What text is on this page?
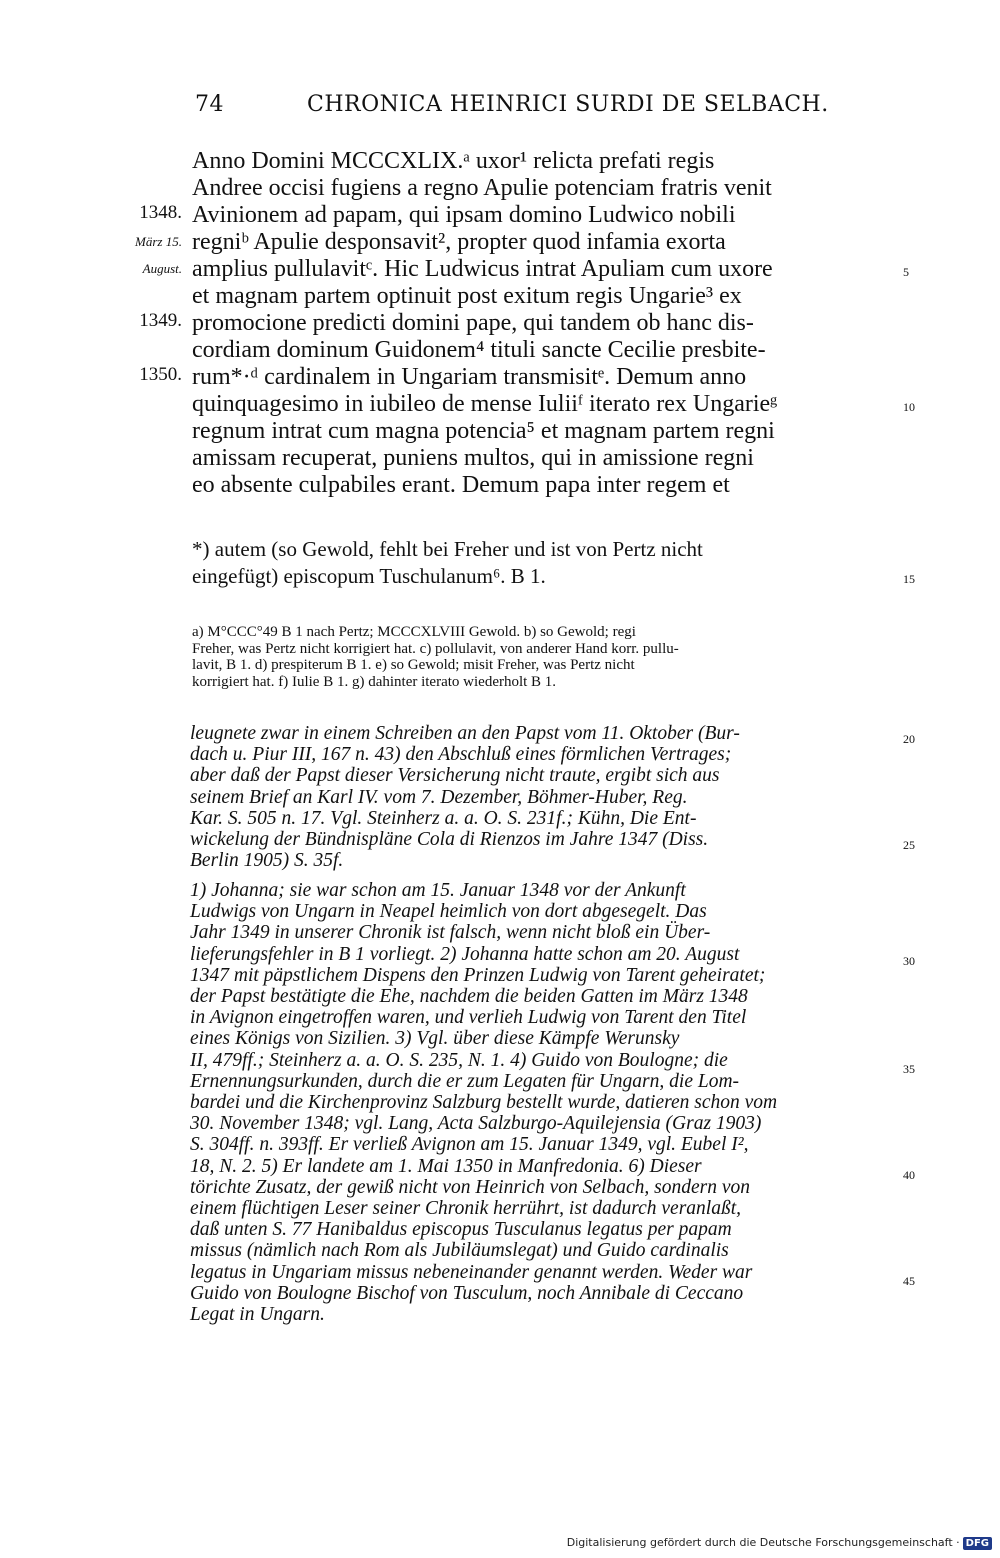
74	CHRONICA HEINRICI SURDI DE SELBACH.
Anno Domini MCCCXLIX.ᵃ uxor¹ relicta prefati regis
Andree occisi fugiens a regno Apulie potenciam fratris venit
Avinionem ad papam, qui ipsam domino Ludwico nobili
regniᵇ Apulie desponsavit², propter quod infamia exorta
amplius pullulavitᶜ. Hic Ludwicus intrat Apuliam cum uxore
et magnam partem optinuit post exitum regis Ungarie³ ex
promocione predicti domini pape, qui tandem ob hanc dis-
cordiam dominum Guidonem⁴ tituli sancte Cecilie presbite-
rum*·ᵈ cardinalem in Ungariam transmisitᵉ. Demum anno
quinquagesimo in iubileo de mense Iuliiᶠ iterato rex Ungarieᵍ
regnum intrat cum magna potencia⁵ et magnam partem regni
amissam recuperat, puniens multos, qui in amissione regni
eo absente culpabiles erant. Demum papa inter regem et
1348.
März 15.
August.
1349.
1350.
*) autem (so Gewold, fehlt bei Freher und ist von Pertz nicht
eingefügt) episcopum Tuschulanum⁶. B 1.
a) M°CCC°49 B 1 nach Pertz; MCCCXLVIII Gewold. b) so Gewold; regi
Freher, was Pertz nicht korrigiert hat. c) pollulavit, von anderer Hand korr. pullu-
lavit, B 1. d) prespiterum B 1. e) so Gewold; misit Freher, was Pertz nicht
korrigiert hat. f) Iulie B 1. g) dahinter iterato wiederholt B 1.
leugnete zwar in einem Schreiben an den Papst vom 11. Oktober (Bur-
dach u. Piur III, 167 n. 43) den Abschluß eines förmlichen Vertrages;
aber daß der Papst dieser Versicherung nicht traute, ergibt sich aus
seinem Brief an Karl IV. vom 7. Dezember, Böhmer-Huber, Reg.
Kar. S. 505 n. 17. Vgl. Steinherz a. a. O. S. 231f.; Kühn, Die Ent-
wickelung der Bündnispläne Cola di Rienzos im Jahre 1347 (Diss.
Berlin 1905) S. 35f.
1) Johanna; sie war schon am 15. Januar 1348 vor der Ankunft
Ludwigs von Ungarn in Neapel heimlich von dort abgesegelt. Das
Jahr 1349 in unserer Chronik ist falsch, wenn nicht bloß ein Über-
lieferungsfehler in B 1 vorliegt. 2) Johanna hatte schon am 20. August
1347 mit päpstlichem Dispens den Prinzen Ludwig von Tarent geheiratet;
der Papst bestätigte die Ehe, nachdem die beiden Gatten im März 1348
in Avignon eingetroffen waren, und verlieh Ludwig von Tarent den Titel
eines Königs von Sizilien. 3) Vgl. über diese Kämpfe Werunsky
II, 479ff.; Steinherz a. a. O. S. 235, N. 1. 4) Guido von Boulogne; die
Ernennungsurkunden, durch die er zum Legaten für Ungarn, die Lom-
bardei und die Kirchenprovinz Salzburg bestellt wurde, datieren schon vom
30. November 1348; vgl. Lang, Acta Salzburgo-Aquilejensia (Graz 1903)
S. 304ff. n. 393ff. Er verließ Avignon am 15. Januar 1349, vgl. Eubel I²,
18, N. 2. 5) Er landete am 1. Mai 1350 in Manfredonia. 6) Dieser
törichte Zusatz, der gewiß nicht von Heinrich von Selbach, sondern von
einem flüchtigen Leser seiner Chronik herrührt, ist dadurch veranlaßt,
daß unten S. 77 Hanibaldus episcopus Tusculanus legatus per papam
missus (nämlich nach Rom als Jubiläumslegat) und Guido cardinalis
legatus in Ungariam missus nebeneinander genannt werden. Weder war
Guido von Boulogne Bischof von Tusculum, noch Annibale di Ceccano
Legat in Ungarn.
5
10
15
20
25
30
35
40
45
Digitalisierung gefördert durch die Deutsche Forschungsgemeinschaft · DFG
